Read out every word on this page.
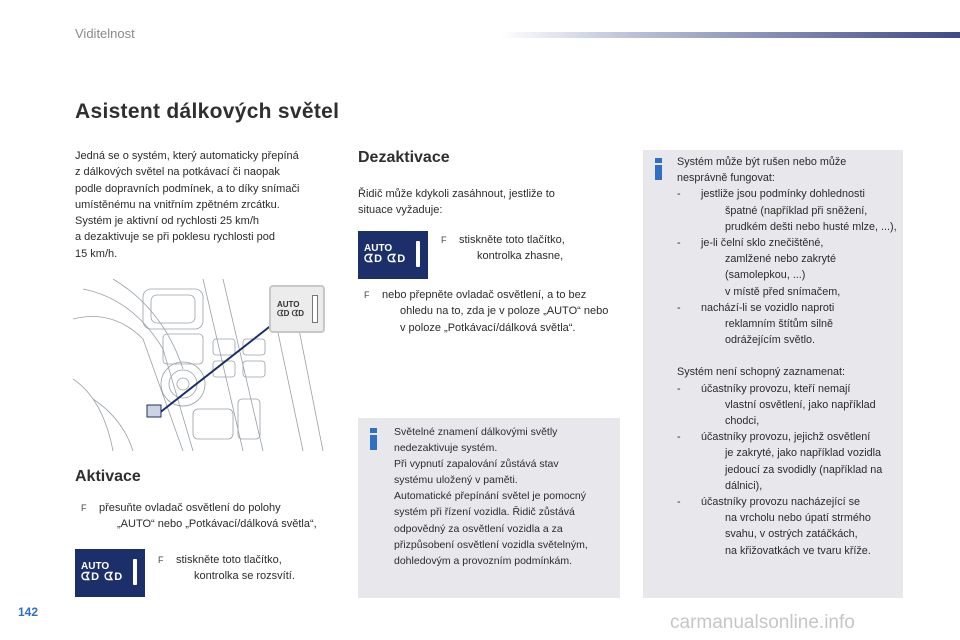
Viditelnost
Asistent dálkových světel
Jedná se o systém, který automaticky přepíná
z dálkových světel na potkávací či naopak
podle dopravních podmínek, a to díky snímači
umístěnému na vnitřním zpětném zrcátku.
Systém je aktivní od rychlosti 25 km/h
a dezaktivuje se při poklesu rychlosti pod
15 km/h.
AUTO
ᗧD ᗧD
Aktivace
F přesuňte ovladač osvětlení do polohy
„AUTO“ nebo „Potkávací/dálková světla“,
AUTO
ᗧD ᗧD
F stiskněte toto tlačítko,
kontrolka se rozsvítí.
Dezaktivace
Řidič může kdykoli zasáhnout, jestliže to
situace vyžaduje:
AUTO
ᗧD ᗧD
F stiskněte toto tlačítko,
kontrolka zhasne,
F nebo přepněte ovladač osvětlení, a to bez
ohledu na to, zda je v poloze „AUTO“ nebo
v poloze „Potkávací/dálková světla“.
Světelné znamení dálkovými světly
nedezaktivuje systém.
Při vypnutí zapalování zůstává stav
systému uložený v paměti.
Automatické přepínání světel je pomocný
systém při řízení vozidla. Řidič zůstává
odpovědný za osvětlení vozidla a za
přizpůsobení osvětlení vozidla světelným,
dohledovým a provozním podmínkám.
Systém může být rušen nebo může
nesprávně fungovat:
- jestliže jsou podmínky dohlednosti
špatné (například při sněžení,
prudkém dešti nebo husté mlze, ...),
- je-li čelní sklo znečištěné,
zamlžené nebo zakryté
(samolepkou, ...)
v místě před snímačem,
- nachází-li se vozidlo naproti
reklamním štítům silně
odrážejícím světlo.
Systém není schopný zaznamenat:
- účastníky provozu, kteří nemají
vlastní osvětlení, jako například
chodci,
- účastníky provozu, jejichž osvětlení
je zakryté, jako například vozidla
jedoucí za svodidly (například na
dálnici),
- účastníky provozu nacházející se
na vrcholu nebo úpatí strmého
svahu, v ostrých zatáčkách,
na křižovatkách ve tvaru kříže.
142	carmanualsonline.info
